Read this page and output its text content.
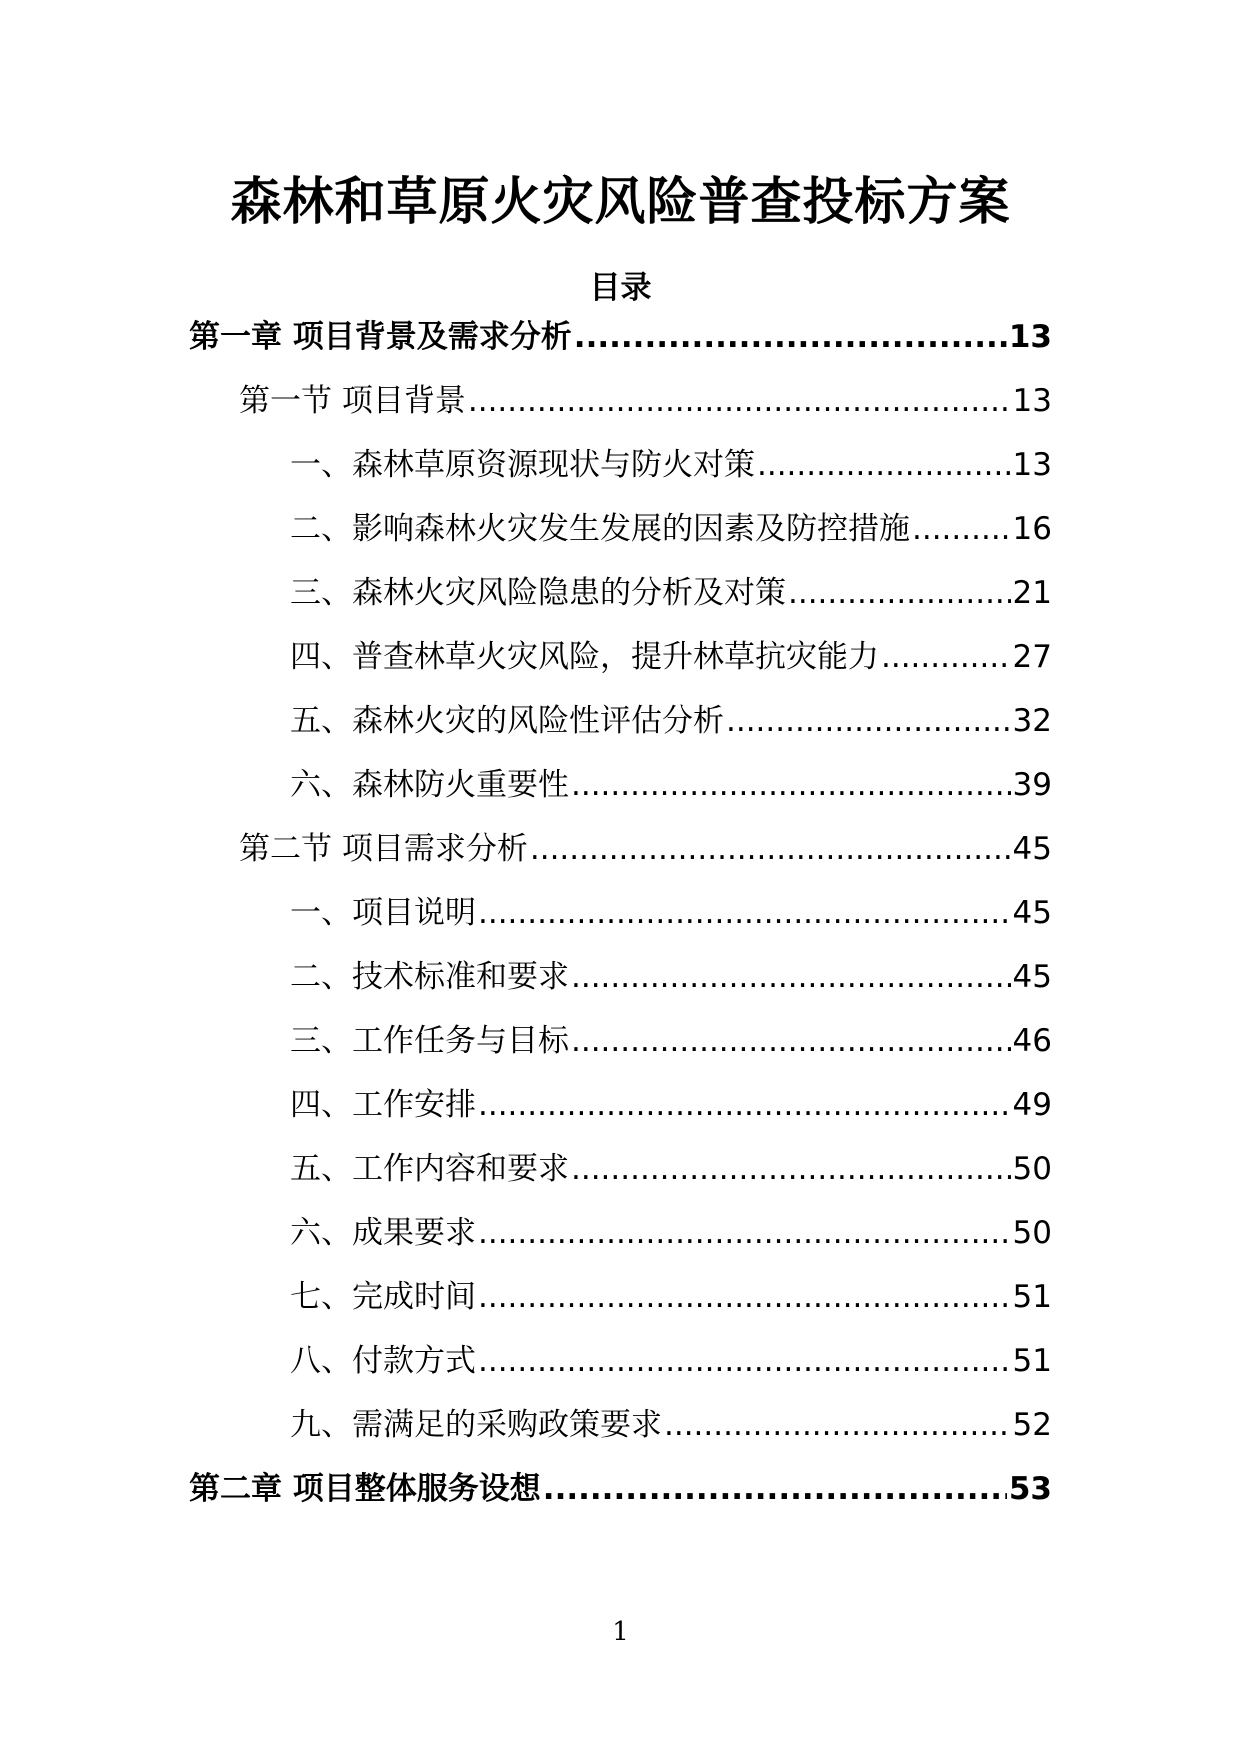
森林和草原火灾风险普查投标方案
目录
第一章 项目背景及需求分析 .....	13
第一节 项目背景 .....	13
一、森林草原资源现状与防火对策 .....	13
二、影响森林火灾发生发展的因素及防控措施 .....	16
三、森林火灾风险隐患的分析及对策 .....	21
四、普查林草火灾风险，提升林草抗灾能力 .....	27
五、森林火灾的风险性评估分析 .....	32
六、森林防火重要性 .....	39
第二节 项目需求分析 .....	45
一、项目说明 .....	45
二、技术标准和要求 .....	45
三、工作任务与目标 .....	46
四、工作安排 .....	49
五、工作内容和要求 .....	50
六、成果要求 .....	50
七、完成时间 .....	51
八、付款方式 .....	51
九、需满足的采购政策要求 .....	52
第二章 项目整体服务设想 .....	53
1
